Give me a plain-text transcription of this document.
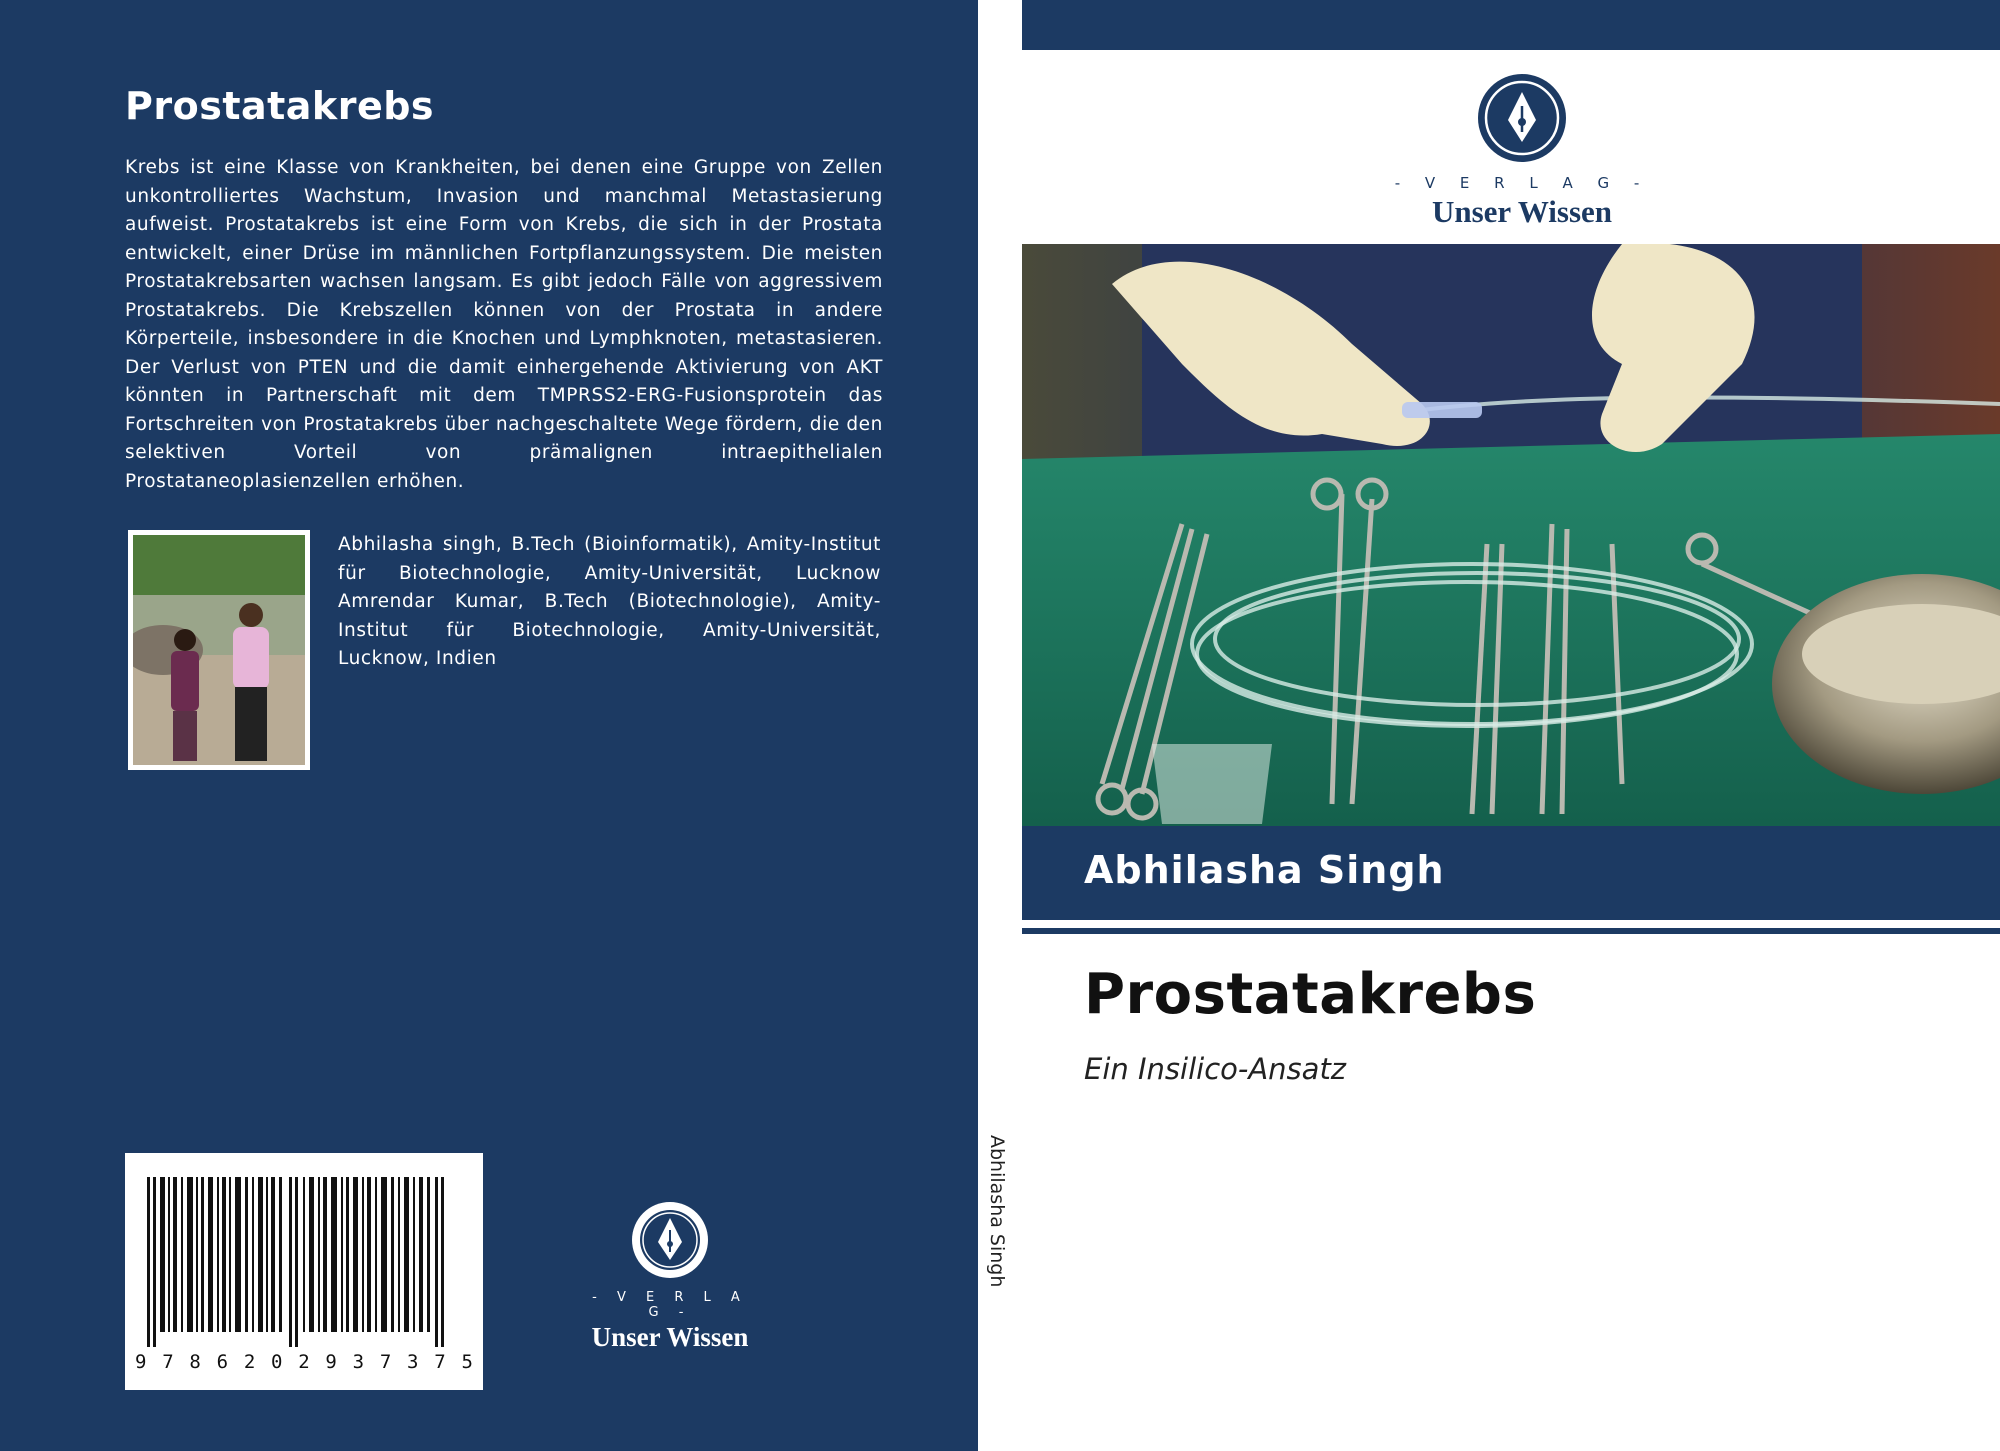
Prostatakrebs
Krebs ist eine Klasse von Krankheiten, bei denen eine Gruppe von Zellen unkontrolliertes Wachstum, Invasion und manchmal Metastasierung aufweist. Prostatakrebs ist eine Form von Krebs, die sich in der Prostata entwickelt, einer Drüse im männlichen Fortpflanzungssystem. Die meisten Prostatakrebsarten wachsen langsam. Es gibt jedoch Fälle von aggressivem Prostatakrebs. Die Krebszellen können von der Prostata in andere Körperteile, insbesondere in die Knochen und Lymphknoten, metastasieren. Der Verlust von PTEN und die damit einhergehende Aktivierung von AKT könnten in Partnerschaft mit dem TMPRSS2-ERG-Fusionsprotein das Fortschreiten von Prostatakrebs über nachgeschaltete Wege fördern, die den selektiven Vorteil von prämalignen intraepithelialen Prostataneoplasienzellen erhöhen.
Abhilasha singh, B.Tech (Bioinformatik), Amity-Institut für Biotechnologie, Amity-Universität, Lucknow Amrendar Kumar, B.Tech (Biotechnologie), Amity-Institut für Biotechnologie, Amity-Universität, Lucknow, Indien
9 7 8 6 2 0 2 9 3 7 3 7 5
- V E R L A G -
Unser Wissen
Abhilasha Singh
- V E R L A G -
Unser Wissen
Abhilasha Singh
Prostatakrebs
Ein Insilico-Ansatz
